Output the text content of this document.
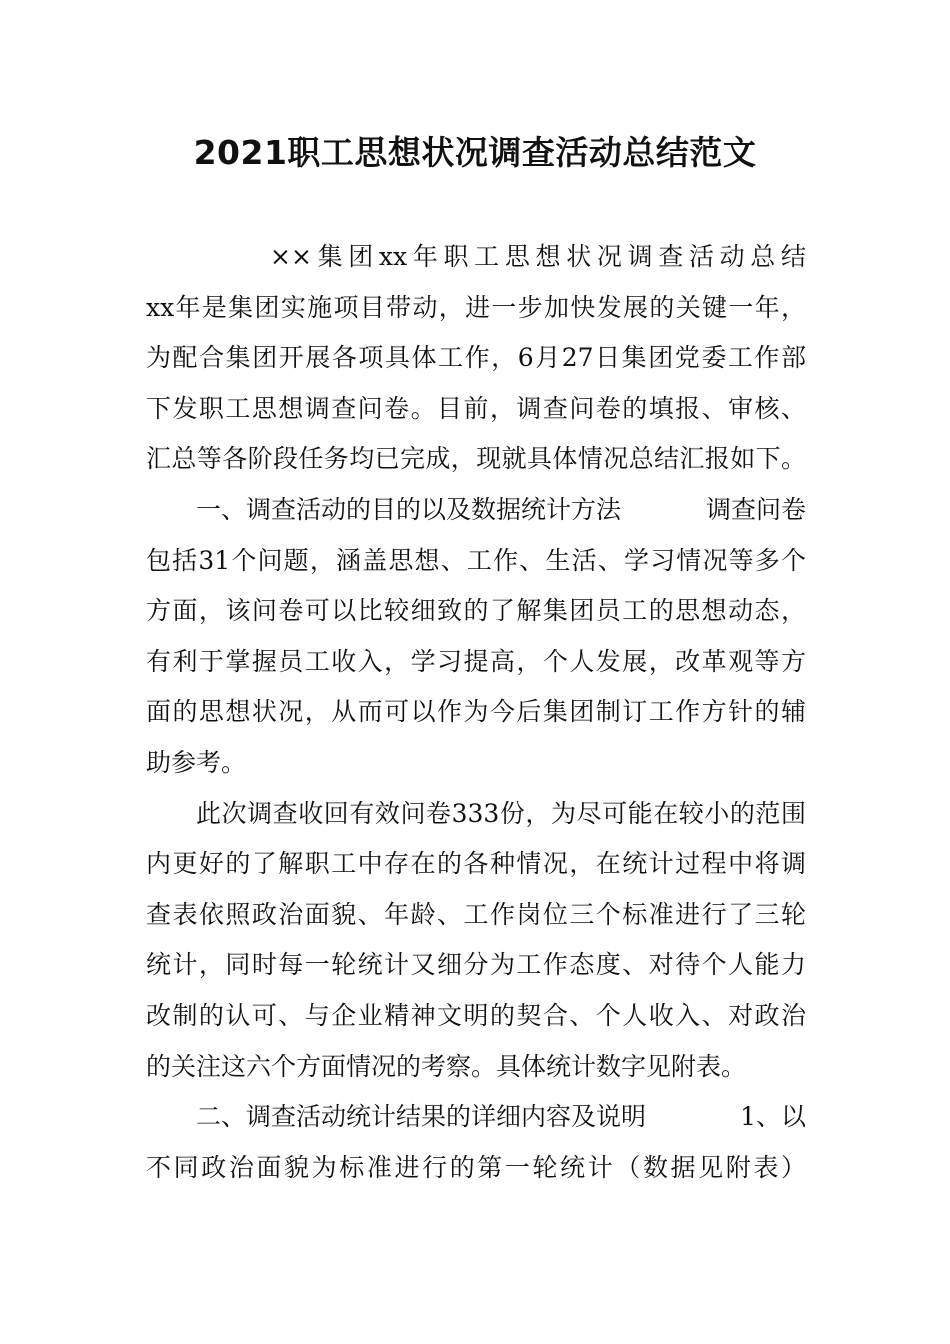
2021职工思想状况调查活动总结范文
××集团xx年职工思想状况调查活动总结
xx年是集团实施项目带动，进一步加快发展的关键一年，
为配合集团开展各项具体工作，6月27日集团党委工作部
下发职工思想调查问卷。目前，调查问卷的填报、审核、
汇总等各阶段任务均已完成，现就具体情况总结汇报如下。
一、调查活动的目的以及数据统计方法	调查问卷
包括31个问题，涵盖思想、工作、生活、学习情况等多个
方面，该问卷可以比较细致的了解集团员工的思想动态，
有利于掌握员工收入，学习提高，个人发展，改革观等方
面的思想状况，从而可以作为今后集团制订工作方针的辅
助参考。
此次调查收回有效问卷333份，为尽可能在较小的范围
内更好的了解职工中存在的各种情况，在统计过程中将调
查表依照政治面貌、年龄、工作岗位三个标准进行了三轮
统计，同时每一轮统计又细分为工作态度、对待个人能力
改制的认可、与企业精神文明的契合、个人收入、对政治
的关注这六个方面情况的考察。具体统计数字见附表。
二、调查活动统计结果的详细内容及说明	1、以
不同政治面貌为标准进行的第一轮统计（数据见附表）
